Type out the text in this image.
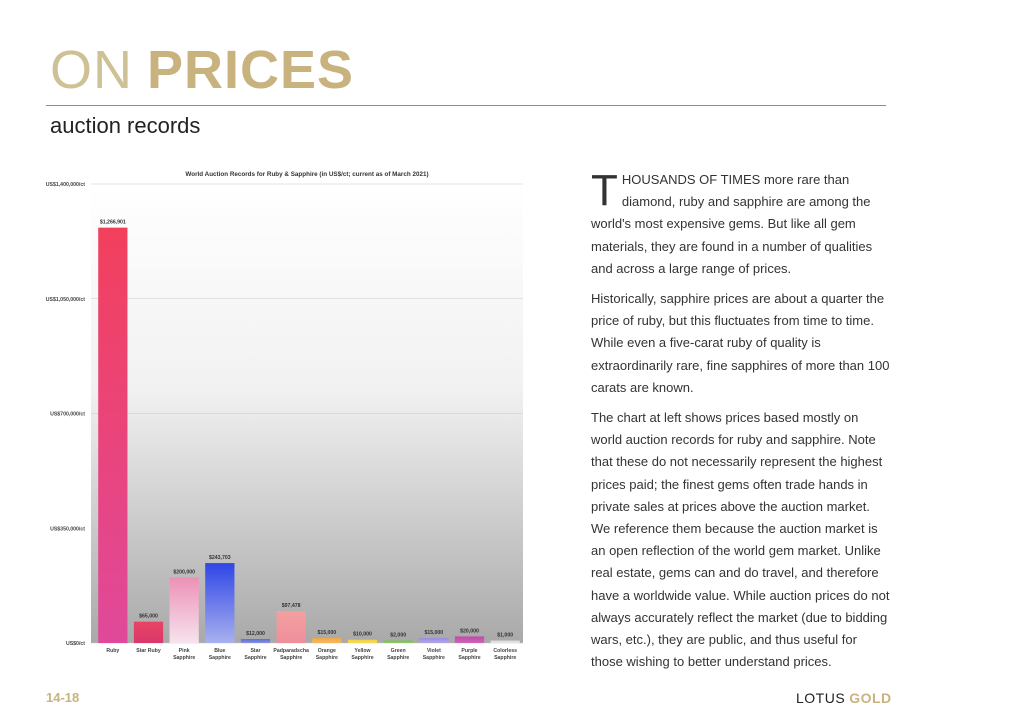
ON PRICES
auction records
World Auction Records for Ruby & Sapphire (in US$/ct; current as of March 2021)
$1,266,901
$65,000
$200,000
$243,703
$12,000
$97,478
$15,000	$10,000	$2,000	$15,000	$20,000
$1,000
US$0/ct
US$350,000/ct
US$700,000/ct
US$1,050,000/ct
US$1,400,000/ct
Ruby	Star Ruby	Pink
Sapphire
Blue
Sapphire
Star
Sapphire
Padparadscha
Sapphire
Orange
Sapphire
Yellow
Sapphire
Green
Sapphire
Violet
Sapphire
Purple
Sapphire
Colorless
Sapphire

THOUSANDS OF TIMES more rare than diamond, ruby and sapphire are among the world's most expensive gems. But like all gem materials, they are found in a number of qualities and across a large range of prices.

Historically, sapphire prices are about a quarter the price of ruby, but this fluctuates from time to time. While even a five-carat ruby of quality is extraordinarily rare, fine sapphires of more than 100 carats are known.

The chart at left shows prices based mostly on world auction records for ruby and sapphire. Note that these do not necessarily represent the highest prices paid; the finest gems often trade hands in private sales at prices above the auction market. We reference them because the auction market is an open reflection of the world gem market. Unlike real estate, gems can and do travel, and therefore have a worldwide value. While auction prices do not always accurately reflect the market (due to bidding wars, etc.), they are public, and thus useful for those wishing to better understand prices.

14-18	LOTUS GOLD
